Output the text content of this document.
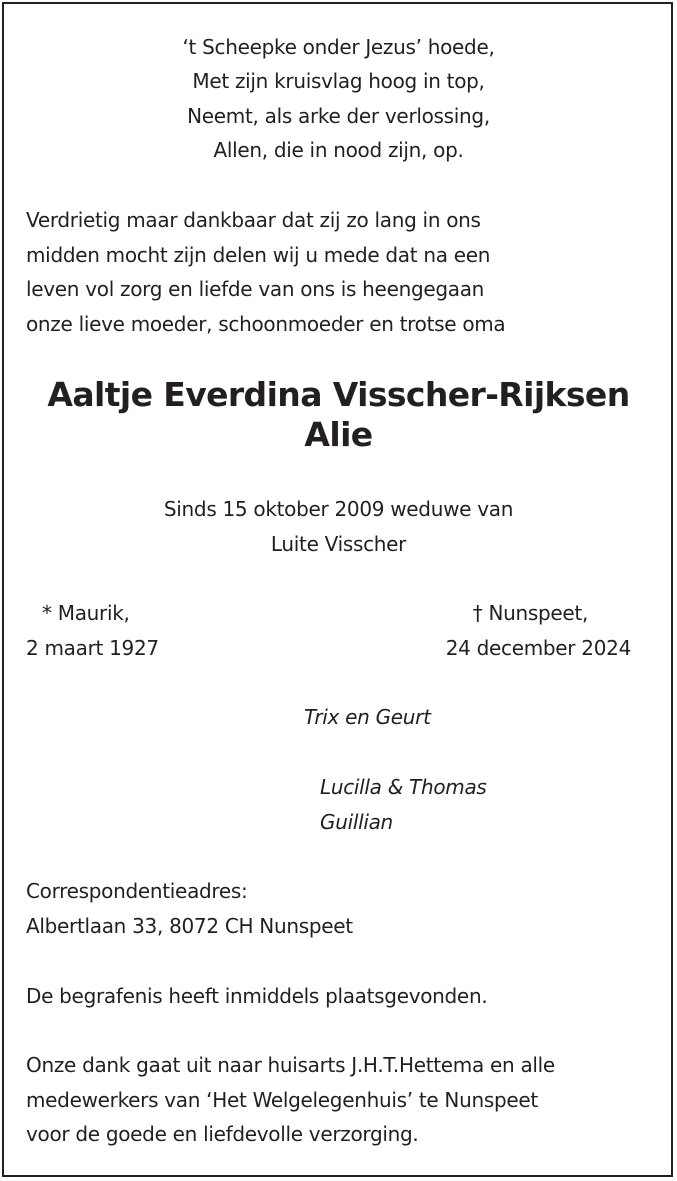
‘t Scheepke onder Jezus’ hoede,

Met zijn kruisvlag hoog in top,

Neemt, als arke der verlossing,

Allen, die in nood zijn, op.

Verdrietig maar dankbaar dat zij zo lang in ons

midden mocht zijn delen wij u mede dat na een

leven vol zorg en liefde van ons is heengegaan

onze lieve moeder, schoonmoeder en trotse oma

Aaltje Everdina Visscher-Rijksen
Alie

Sinds 15 oktober 2009 weduwe van

Luite Visscher

* Maurik,

2 maart 1927

† Nunspeet,

24 december 2024

Trix en Geurt

Lucilla & Thomas

Guillian

Correspondentieadres:

Albertlaan 33, 8072 CH Nunspeet

De begrafenis heeft inmiddels plaatsgevonden.

Onze dank gaat uit naar huisarts J.H.T.Hettema en alle

medewerkers van ‘Het Welgelegenhuis’ te Nunspeet

voor de goede en liefdevolle verzorging.
